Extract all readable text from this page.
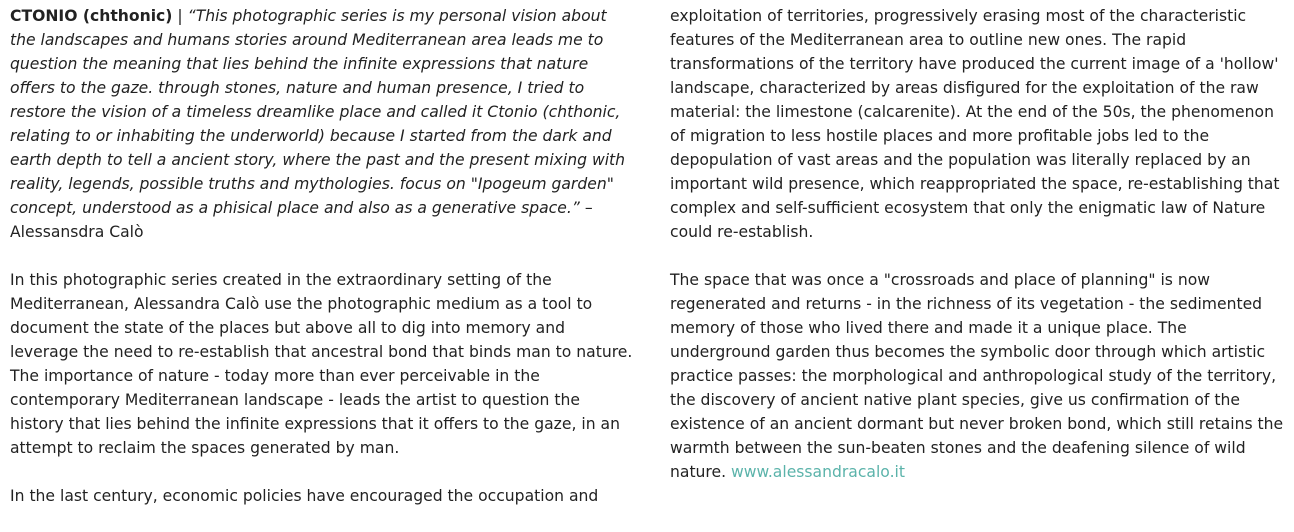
CTONIO (chthonic) | “This photographic series is my personal vision about the landscapes and humans stories around Mediterranean area leads me to question the meaning that lies behind the infinite expressions that nature offers to the gaze. through stones, nature and human presence, I tried to restore the vision of a timeless dreamlike place and called it Ctonio (chthonic, relating to or inhabiting the underworld) because I started from the dark and earth depth to tell a ancient story, where the past and the present mixing with reality, legends, possible truths and mythologies. focus on "Ipogeum garden" concept, understood as a phisical place and also as a generative space.” –Alessansdra Calò

In this photographic series created in the extraordinary setting of the Mediterranean, Alessandra Calò use the photographic medium as a tool to document the state of the places but above all to dig into memory and leverage the need to re-establish that ancestral bond that binds man to nature. The importance of nature - today more than ever perceivable in the contemporary Mediterranean landscape - leads the artist to question the history that lies behind the infinite expressions that it offers to the gaze, in an attempt to reclaim the spaces generated by man.

In the last century, economic policies have encouraged the occupation and

exploitation of territories, progressively erasing most of the characteristic features of the Mediterranean area to outline new ones. The rapid transformations of the territory have produced the current image of a 'hollow' landscape, characterized by areas disfigured for the exploitation of the raw material: the limestone (calcarenite). At the end of the 50s, the phenomenon of migration to less hostile places and more profitable jobs led to the depopulation of vast areas and the population was literally replaced by an important wild presence, which reappropriated the space, re-establishing that complex and self-sufficient ecosystem that only the enigmatic law of Nature could re-establish.

The space that was once a "crossroads and place of planning" is now regenerated and returns - in the richness of its vegetation - the sedimented memory of those who lived there and made it a unique place. The underground garden thus becomes the symbolic door through which artistic practice passes: the morphological and anthropological study of the territory, the discovery of ancient native plant species, give us confirmation of the existence of an ancient dormant but never broken bond, which still retains the warmth between the sun-beaten stones and the deafening silence of wild nature. www.alessandracalo.it
